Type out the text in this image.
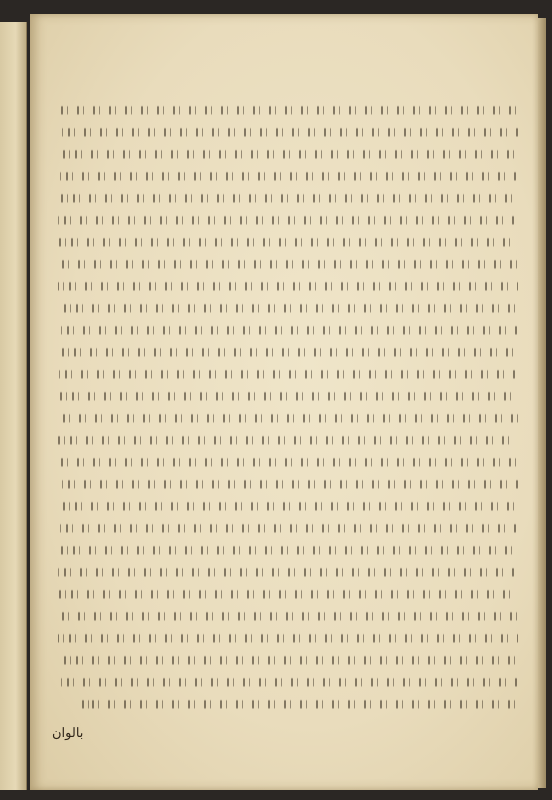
بالوان
